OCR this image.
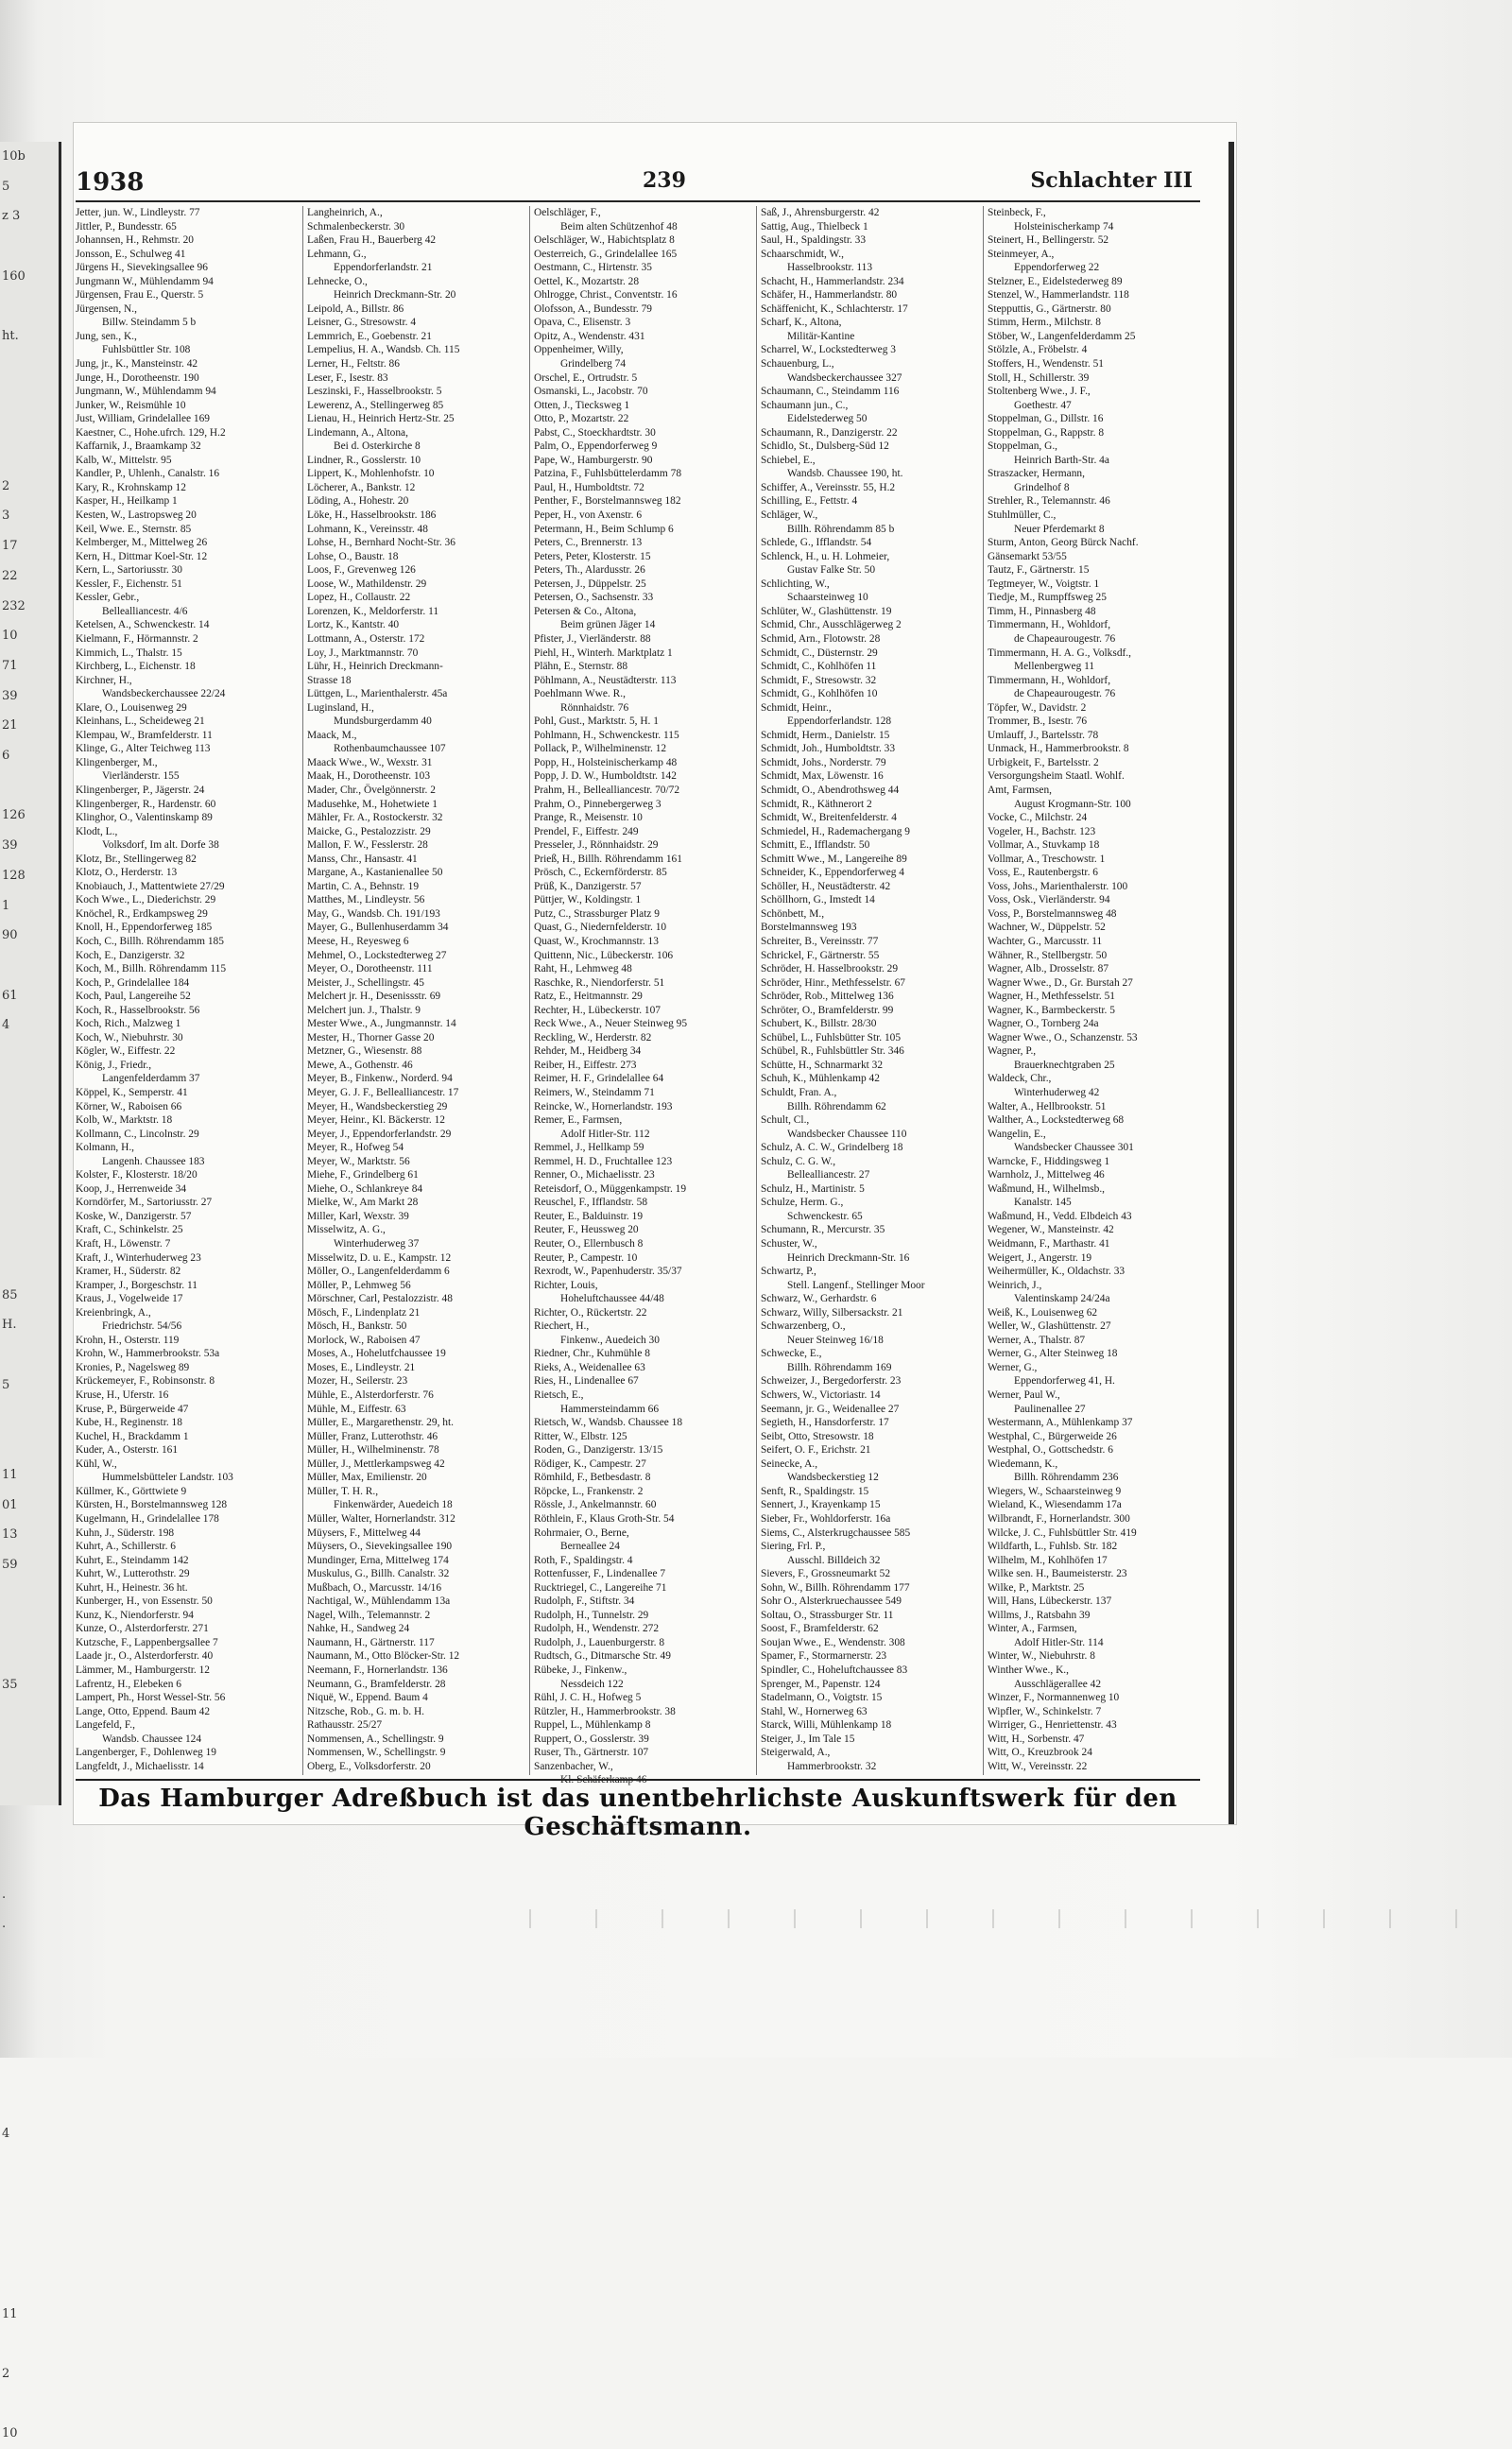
10b
5
z 3

160

ht.

2
3
17
22
232
10
71
39
21
6

126
39
128
1
90

61
4

85
H.

5

11
01
13
59

35

.
.

4

11

2

10
1938	239	Schlachter III
Jetter, jun. W., Lindleystr. 77
Jittler, P., Bundesstr. 65
Johannsen, H., Rehmstr. 20
Jonsson, E., Schulweg 41
Jürgens H., Sievekingsallee 96
Jungmann W., Mühlendamm 94
Jürgensen, Frau E., Querstr. 5
Jürgensen, N.,
Billw. Steindamm 5 b
Jung, sen., K.,
Fuhlsbüttler Str. 108
Jung, jr., K., Mansteinstr. 42
Junge, H., Dorotheenstr. 190
Jungmann, W., Mühlendamm 94
Junker, W., Reismühle 10
Just, William, Grindelallee 169
Kaestner, C., Hohe.ufrch. 129, H.2
Kaffarnik, J., Braamkamp 32
Kalb, W., Mittelstr. 95
Kandler, P., Uhlenh., Canalstr. 16
Kary, R., Krohnskamp 12
Kasper, H., Heilkamp 1
Kesten, W., Lastropsweg 20
Keil, Wwe. E., Sternstr. 85
Kelmberger, M., Mittelweg 26
Kern, H., Dittmar Koel-Str. 12
Kern, L., Sartoriusstr. 30
Kessler, F., Eichenstr. 51
Kessler, Gebr.,
Bellealliancestr. 4/6
Ketelsen, A., Schwenckestr. 14
Kielmann, F., Hörmannstr. 2
Kimmich, L., Thalstr. 15
Kirchberg, L., Eichenstr. 18
Kirchner, H.,
Wandsbeckerchaussee 22/24
Klare, O., Louisenweg 29
Kleinhans, L., Scheideweg 21
Klempau, W., Bramfelderstr. 11
Klinge, G., Alter Teichweg 113
Klingenberger, M.,
Vierländerstr. 155
Klingenberger, P., Jägerstr. 24
Klingenberger, R., Hardenstr. 60
Klinghor, O., Valentinskamp 89
Klodt, L.,
Volksdorf, Im alt. Dorfe 38
Klotz, Br., Stellingerweg 82
Klotz, O., Herderstr. 13
Knobiauch, J., Mattentwiete 27/29
Koch Wwe., L., Diederichstr. 29
Knöchel, R., Erdkampsweg 29
Knoll, H., Eppendorferweg 185
Koch, C., Billh. Röhrendamm 185
Koch, E., Danzigerstr. 32
Koch, M., Billh. Röhrendamm 115
Koch, P., Grindelallee 184
Koch, Paul, Langereihe 52
Koch, R., Hasselbrookstr. 56
Koch, Rich., Malzweg 1
Koch, W., Niebuhrstr. 30
Kögler, W., Eiffestr. 22
König, J., Friedr.,
Langenfelderdamm 37
Köppel, K., Semperstr. 41
Körner, W., Raboisen 66
Kolb, W., Marktstr. 18
Kollmann, C., Lincolnstr. 29
Kolmann, H.,
Langenh. Chaussee 183
Kolster, F., Klosterstr. 18/20
Koop, J., Herrenweide 34
Korndörfer, M., Sartoriusstr. 27
Koske, W., Danzigerstr. 57
Kraft, C., Schinkelstr. 25
Kraft, H., Löwenstr. 7
Kraft, J., Winterhuderweg 23
Kramer, H., Süderstr. 82
Kramper, J., Borgeschstr. 11
Kraus, J., Vogelweide 17
Kreienbringk, A.,
Friedrichstr. 54/56
Krohn, H., Osterstr. 119
Krohn, W., Hammerbrookstr. 53a
Kronies, P., Nagelsweg 89
Krückemeyer, F., Robinsonstr. 8
Kruse, H., Uferstr. 16
Kruse, P., Bürgerweide 47
Kube, H., Reginenstr. 18
Kuchel, H., Brackdamm 1
Kuder, A., Osterstr. 161
Kühl, W.,
Hummelsbütteler Landstr. 103
Küllmer, K., Görttwiete 9
Kürsten, H., Borstelmannsweg 128
Kugelmann, H., Grindelallee 178
Kuhn, J., Süderstr. 198
Kuhrt, A., Schillerstr. 6
Kuhrt, E., Steindamm 142
Kuhrt, W., Lutterothstr. 29
Kuhrt, H., Heinestr. 36 ht.
Kunberger, H., von Essenstr. 50
Kunz, K., Niendorferstr. 94
Kunze, O., Alsterdorferstr. 271
Kutzsche, F., Lappenbergsallee 7
Laade jr., O., Alsterdorferstr. 40
Lämmer, M., Hamburgerstr. 12
Lafrentz, H., Elebeken 6
Lampert, Ph., Horst Wessel-Str. 56
Lange, Otto, Eppend. Baum 42
Langefeld, F.,
Wandsb. Chaussee 124
Langenberger, F., Dohlenweg 19
Langfeldt, J., Michaelisstr. 14
Langheinrich, A.,
Schmalenbeckerstr. 30
Laßen, Frau H., Bauerberg 42
Lehmann, G.,
Eppendorferlandstr. 21
Lehnecke, O.,
Heinrich Dreckmann-Str. 20
Leipold, A., Billstr. 86
Leisner, G., Stresowstr. 4
Lemmrich, E., Goebenstr. 21
Lempelius, H. A., Wandsb. Ch. 115
Lerner, H., Feltstr. 86
Leser, F., Isestr. 83
Leszinski, F., Hasselbrookstr. 5
Lewerenz, A., Stellingerweg 85
Lienau, H., Heinrich Hertz-Str. 25
Lindemann, A., Altona,
Bei d. Osterkirche 8
Lindner, R., Gosslerstr. 10
Lippert, K., Mohlenhofstr. 10
Löcherer, A., Bankstr. 12
Löding, A., Hohestr. 20
Löke, H., Hasselbrookstr. 186
Lohmann, K., Vereinsstr. 48
Lohse, H., Bernhard Nocht-Str. 36
Lohse, O., Baustr. 18
Loos, F., Grevenweg 126
Loose, W., Mathildenstr. 29
Lopez, H., Collaustr. 22
Lorenzen, K., Meldorferstr. 11
Lortz, K., Kantstr. 40
Lottmann, A., Osterstr. 172
Loy, J., Marktmannstr. 70
Lühr, H., Heinrich Dreckmann-
Strasse 18
Lüttgen, L., Marienthalerstr. 45a
Luginsland, H.,
Mundsburgerdamm 40
Maack, M.,
Rothenbaumchaussee 107
Maack Wwe., W., Wexstr. 31
Maak, H., Dorotheenstr. 103
Mader, Chr., Övelgönnerstr. 2
Madusehke, M., Hohetwiete 1
Mähler, Fr. A., Rostockerstr. 32
Maicke, G., Pestalozzistr. 29
Mallon, F. W., Fesslerstr. 28
Manss, Chr., Hansastr. 41
Margane, A., Kastanienallee 50
Martin, C. A., Behnstr. 19
Matthes, M., Lindleystr. 56
May, G., Wandsb. Ch. 191/193
Mayer, G., Bullenhuserdamm 34
Meese, H., Reyesweg 6
Mehmel, O., Lockstedterweg 27
Meyer, O., Dorotheenstr. 111
Meister, J., Schellingstr. 45
Melchert jr. H., Desenissstr. 69
Melchert jun. J., Thalstr. 9
Mester Wwe., A., Jungmannstr. 14
Mester, H., Thorner Gasse 20
Metzner, G., Wiesenstr. 88
Mewe, A., Gothenstr. 46
Meyer, B., Finkenw., Norderd. 94
Meyer, G. J. F., Bellealliancestr. 17
Meyer, H., Wandsbeckerstieg 29
Meyer, Heinr., Kl. Bäckerstr. 12
Meyer, J., Eppendorferlandstr. 29
Meyer, R., Hofweg 54
Meyer, W., Marktstr. 56
Miehe, F., Grindelberg 61
Miehe, O., Schlankreye 84
Mielke, W., Am Markt 28
Miller, Karl, Wexstr. 39
Misselwitz, A. G.,
Winterhuderweg 37
Misselwitz, D. u. E., Kampstr. 12
Möller, O., Langenfelderdamm 6
Möller, P., Lehmweg 56
Mörschner, Carl, Pestalozzistr. 48
Mösch, F., Lindenplatz 21
Mösch, H., Bankstr. 50
Morlock, W., Raboisen 47
Moses, A., Hohelutfchaussee 19
Moses, E., Lindleystr. 21
Mozer, H., Seilerstr. 23
Mühle, E., Alsterdorferstr. 76
Mühle, M., Eiffestr. 63
Müller, E., Margarethenstr. 29, ht.
Müller, Franz, Lutterothstr. 46
Müller, H., Wilhelminenstr. 78
Müller, J., Mettlerkampsweg 42
Müller, Max, Emilienstr. 20
Müller, T. H. R.,
Finkenwärder, Auedeich 18
Müller, Walter, Hornerlandstr. 312
Müysers, F., Mittelweg 44
Müysers, O., Sievekingsallee 190
Mundinger, Erna, Mittelweg 174
Muskulus, G., Billh. Canalstr. 32
Mußbach, O., Marcusstr. 14/16
Nachtigal, W., Mühlendamm 13a
Nagel, Wilh., Telemannstr. 2
Nahke, H., Sandweg 24
Naumann, H., Gärtnerstr. 117
Naumann, M., Otto Blöcker-Str. 12
Neemann, F., Hornerlandstr. 136
Neumann, G., Bramfelderstr. 28
Niquë, W., Eppend. Baum 4
Nitzsche, Rob., G. m. b. H.
Rathausstr. 25/27
Nommensen, A., Schellingstr. 9
Nommensen, W., Schellingstr. 9
Oberg, E., Volksdorferstr. 20
Oelschläger, F.,
Beim alten Schützenhof 48
Oelschläger, W., Habichtsplatz 8
Oesterreich, G., Grindelallee 165
Oestmann, C., Hirtenstr. 35
Oettel, K., Mozartstr. 28
Ohlrogge, Christ., Conventstr. 16
Olofsson, A., Bundesstr. 79
Opava, C., Elisenstr. 3
Opitz, A., Wendenstr. 431
Oppenheimer, Willy,
Grindelberg 74
Orschel, E., Ortrudstr. 5
Osmanski, L., Jacobstr. 70
Otten, J., Tiecksweg 1
Otto, P., Mozartstr. 22
Pabst, C., Stoeckhardtstr. 30
Palm, O., Eppendorferweg 9
Pape, W., Hamburgerstr. 90
Patzina, F., Fuhlsbüttelerdamm 78
Paul, H., Humboldtstr. 72
Penther, F., Borstelmannsweg 182
Peper, H., von Axenstr. 6
Petermann, H., Beim Schlump 6
Peters, C., Brennerstr. 13
Peters, Peter, Klosterstr. 15
Peters, Th., Alardusstr. 26
Petersen, J., Düppelstr. 25
Petersen, O., Sachsenstr. 33
Petersen & Co., Altona,
Beim grünen Jäger 14
Pfister, J., Vierländerstr. 88
Piehl, H., Winterh. Marktplatz 1
Plähn, E., Sternstr. 88
Pöhlmann, A., Neustädterstr. 113
Poehlmann Wwe. R.,
Rönnhaidstr. 76
Pohl, Gust., Marktstr. 5, H. 1
Pohlmann, H., Schwenckestr. 115
Pollack, P., Wilhelminenstr. 12
Popp, H., Holsteinischerkamp 48
Popp, J. D. W., Humboldtstr. 142
Prahm, H., Bellealliancestr. 70/72
Prahm, O., Pinnebergerweg 3
Prange, R., Meisenstr. 10
Prendel, F., Eiffestr. 249
Presseler, J., Rönnhaidstr. 29
Prieß, H., Billh. Röhrendamm 161
Prösch, C., Eckernförderstr. 85
Prüß, K., Danzigerstr. 57
Püttjer, W., Koldingstr. 1
Putz, C., Strassburger Platz 9
Quast, G., Niedernfelderstr. 10
Quast, W., Krochmannstr. 13
Quittenn, Nic., Lübeckerstr. 106
Raht, H., Lehmweg 48
Raschke, R., Niendorferstr. 51
Ratz, E., Heitmannstr. 29
Rechter, H., Lübeckerstr. 107
Reck Wwe., A., Neuer Steinweg 95
Reckling, W., Herderstr. 82
Rehder, M., Heidberg 34
Reiber, H., Eiffestr. 273
Reimer, H. F., Grindelallee 64
Reimers, W., Steindamm 71
Reincke, W., Hornerlandstr. 193
Remer, E., Farmsen,
Adolf Hitler-Str. 112
Remmel, J., Hellkamp 59
Remmel, H. D., Fruchtallee 123
Renner, O., Michaelisstr. 23
Reteisdorf, O., Müggenkampstr. 19
Reuschel, F., Ifflandstr. 58
Reuter, E., Balduinstr. 19
Reuter, F., Heussweg 20
Reuter, O., Ellernbusch 8
Reuter, P., Campestr. 10
Rexrodt, W., Papenhuderstr. 35/37
Richter, Louis,
Hoheluftchaussee 44/48
Richter, O., Rückertstr. 22
Riechert, H.,
Finkenw., Auedeich 30
Riedner, Chr., Kuhmühle 8
Rieks, A., Weidenallee 63
Ries, H., Lindenallee 67
Rietsch, E.,
Hammersteindamm 66
Rietsch, W., Wandsb. Chaussee 18
Ritter, W., Elbstr. 125
Roden, G., Danzigerstr. 13/15
Rödiger, K., Campestr. 27
Römhild, F., Betbesdastr. 8
Röpcke, L., Frankenstr. 2
Rössle, J., Ankelmannstr. 60
Röthlein, F., Klaus Groth-Str. 54
Rohrmaier, O., Berne,
Berneallee 24
Roth, F., Spaldingstr. 4
Rottenfusser, F., Lindenallee 7
Rucktriegel, C., Langereihe 71
Rudolph, F., Stiftstr. 34
Rudolph, H., Tunnelstr. 29
Rudolph, H., Wendenstr. 272
Rudolph, J., Lauenburgerstr. 8
Rudtsch, G., Ditmarsche Str. 49
Rübeke, J., Finkenw.,
Nessdeich 122
Rühl, J. C. H., Hofweg 5
Rützler, H., Hammerbrookstr. 38
Ruppel, L., Mühlenkamp 8
Ruppert, O., Gosslerstr. 39
Ruser, Th., Gärtnerstr. 107
Sanzenbacher, W.,
Kl. Schäferkamp 46
Saß, J., Ahrensburgerstr. 42
Sattig, Aug., Thielbeck 1
Saul, H., Spaldingstr. 33
Schaarschmidt, W.,
Hasselbrookstr. 113
Schacht, H., Hammerlandstr. 234
Schäfer, H., Hammerlandstr. 80
Schäffenicht, K., Schlachterstr. 17
Scharf, K., Altona,
Militär-Kantine
Scharrel, W., Lockstedterweg 3
Schauenburg, L.,
Wandsbeckerchaussee 327
Schaumann, C., Steindamm 116
Schaumann jun., C.,
Eidelstederweg 50
Schaumann, R., Danzigerstr. 22
Schidlo, St., Dulsberg-Süd 12
Schiebel, E.,
Wandsb. Chaussee 190, ht.
Schiffer, A., Vereinsstr. 55, H.2
Schilling, E., Fettstr. 4
Schläger, W.,
Billh. Röhrendamm 85 b
Schlede, G., Ifflandstr. 54
Schlenck, H., u. H. Lohmeier,
Gustav Falke Str. 50
Schlichting, W.,
Schaarsteinweg 10
Schlüter, W., Glashüttenstr. 19
Schmid, Chr., Ausschlägerweg 2
Schmid, Arn., Flotowstr. 28
Schmidt, C., Düsternstr. 29
Schmidt, C., Kohlhöfen 11
Schmidt, F., Stresowstr. 32
Schmidt, G., Kohlhöfen 10
Schmidt, Heinr.,
Eppendorferlandstr. 128
Schmidt, Herm., Danielstr. 15
Schmidt, Joh., Humboldtstr. 33
Schmidt, Johs., Norderstr. 79
Schmidt, Max, Löwenstr. 16
Schmidt, O., Abendrothsweg 44
Schmidt, R., Käthnerort 2
Schmidt, W., Breitenfelderstr. 4
Schmiedel, H., Rademachergang 9
Schmitt, E., Ifflandstr. 50
Schmitt Wwe., M., Langereihe 89
Schneider, K., Eppendorferweg 4
Schöller, H., Neustädterstr. 42
Schöllhorn, G., Imstedt 14
Schönbett, M.,
Borstelmannsweg 193
Schreiter, B., Vereinsstr. 77
Schrickel, F., Gärtnerstr. 55
Schröder, H. Hasselbrookstr. 29
Schröder, Hinr., Methfesselstr. 67
Schröder, Rob., Mittelweg 136
Schröter, O., Bramfelderstr. 99
Schubert, K., Billstr. 28/30
Schübel, L., Fuhlsbütter Str. 105
Schübel, R., Fuhlsbüttler Str. 346
Schütte, H., Schnarmarkt 32
Schuh, K., Mühlenkamp 42
Schuldt, Fran. A.,
Billh. Röhrendamm 62
Schult, Cl.,
Wandsbecker Chaussee 110
Schulz, A. C. W., Grindelberg 18
Schulz, C. G. W.,
Bellealliancestr. 27
Schulz, H., Martinistr. 5
Schulze, Herm. G.,
Schwenckestr. 65
Schumann, R., Mercurstr. 35
Schuster, W.,
Heinrich Dreckmann-Str. 16
Schwartz, P.,
Stell. Langenf., Stellinger Moor
Schwarz, W., Gerhardstr. 6
Schwarz, Willy, Silbersackstr. 21
Schwarzenberg, O.,
Neuer Steinweg 16/18
Schwecke, E.,
Billh. Röhrendamm 169
Schweizer, J., Bergedorferstr. 23
Schwers, W., Victoriastr. 14
Seemann, jr. G., Weidenallee 27
Segieth, H., Hansdorferstr. 17
Seibt, Otto, Stresowstr. 18
Seifert, O. F., Erichstr. 21
Seinecke, A.,
Wandsbeckerstieg 12
Senft, R., Spaldingstr. 15
Sennert, J., Krayenkamp 15
Sieber, Fr., Wohldorferstr. 16a
Siems, C., Alsterkrugchaussee 585
Siering, Frl. P.,
Ausschl. Billdeich 32
Sievers, F., Grossneumarkt 52
Sohn, W., Billh. Röhrendamm 177
Sohr O., Alsterkruechaussee 549
Soltau, O., Strassburger Str. 11
Soost, F., Bramfelderstr. 62
Soujan Wwe., E., Wendenstr. 308
Spamer, F., Stormarnerstr. 23
Spindler, C., Hoheluftchaussee 83
Sprenger, M., Papenstr. 124
Stadelmann, O., Voigtstr. 15
Stahl, W., Hornerweg 63
Starck, Willi, Mühlenkamp 18
Steiger, J., Im Tale 15
Steigerwald, A.,
Hammerbrookstr. 32
Steinbeck, F.,
Holsteinischerkamp 74
Steinert, H., Bellingerstr. 52
Steinmeyer, A.,
Eppendorferweg 22
Stelzner, E., Eidelstederweg 89
Stenzel, W., Hammerlandstr. 118
Stepputtis, G., Gärtnerstr. 80
Stimm, Herm., Milchstr. 8
Stöber, W., Langenfelderdamm 25
Stölzle, A., Fröbelstr. 4
Stoffers, H., Wendenstr. 51
Stoll, H., Schillerstr. 39
Stoltenberg Wwe., J. F.,
Goethestr. 47
Stoppelman, G., Dillstr. 16
Stoppelman, G., Rappstr. 8
Stoppelman, G.,
Heinrich Barth-Str. 4a
Straszacker, Hermann,
Grindelhof 8
Strehler, R., Telemannstr. 46
Stuhlmüller, C.,
Neuer Pferdemarkt 8
Sturm, Anton, Georg Bürck Nachf.
Gänsemarkt 53/55
Tautz, F., Gärtnerstr. 15
Tegtmeyer, W., Voigtstr. 1
Tiedje, M., Rumpffsweg 25
Timm, H., Pinnasberg 48
Timmermann, H., Wohldorf,
de Chapeaurougestr. 76
Timmermann, H. A. G., Volksdf.,
Mellenbergweg 11
Timmermann, H., Wohldorf,
de Chapeaurougestr. 76
Töpfer, W., Davidstr. 2
Trommer, B., Isestr. 76
Umlauff, J., Bartelsstr. 78
Unmack, H., Hammerbrookstr. 8
Urbigkeit, F., Bartelsstr. 2
Versorgungsheim Staatl. Wohlf.
Amt, Farmsen,
August Krogmann-Str. 100
Vocke, C., Milchstr. 24
Vogeler, H., Bachstr. 123
Vollmar, A., Stuvkamp 18
Vollmar, A., Treschowstr. 1
Voss, E., Rautenbergstr. 6
Voss, Johs., Marienthalerstr. 100
Voss, Osk., Vierländerstr. 94
Voss, P., Borstelmannsweg 48
Wachner, W., Düppelstr. 52
Wachter, G., Marcusstr. 11
Wähner, R., Stellbergstr. 50
Wagner, Alb., Drosselstr. 87
Wagner Wwe., D., Gr. Burstah 27
Wagner, H., Methfesselstr. 51
Wagner, K., Barmbeckerstr. 5
Wagner, O., Tornberg 24a
Wagner Wwe., O., Schanzenstr. 53
Wagner, P.,
Brauerknechtgraben 25
Waldeck, Chr.,
Winterhuderweg 42
Walter, A., Hellbrookstr. 51
Walther, A., Lockstedterweg 68
Wangelin, E.,
Wandsbecker Chaussee 301
Warncke, F., Hiddingsweg 1
Warnholz, J., Mittelweg 46
Waßmund, H., Wilhelmsb.,
Kanalstr. 145
Waßmund, H., Vedd. Elbdeich 43
Wegener, W., Mansteinstr. 42
Weidmann, F., Marthastr. 41
Weigert, J., Angerstr. 19
Weihermüller, K., Oldachstr. 33
Weinrich, J.,
Valentinskamp 24/24a
Weiß, K., Louisenweg 62
Weller, W., Glashüttenstr. 27
Werner, A., Thalstr. 87
Werner, G., Alter Steinweg 18
Werner, G.,
Eppendorferweg 41, H.
Werner, Paul W.,
Paulinenallee 27
Westermann, A., Mühlenkamp 37
Westphal, C., Bürgerweide 26
Westphal, O., Gottschedstr. 6
Wiedemann, K.,
Billh. Röhrendamm 236
Wiegers, W., Schaarsteinweg 9
Wieland, K., Wiesendamm 17a
Wilbrandt, F., Hornerlandstr. 300
Wilcke, J. C., Fuhlsbüttler Str. 419
Wildfarth, L., Fuhlsb. Str. 182
Wilhelm, M., Kohlhöfen 17
Wilke sen. H., Baumeisterstr. 23
Wilke, P., Marktstr. 25
Will, Hans, Lübeckerstr. 137
Willms, J., Ratsbahn 39
Winter, A., Farmsen,
Adolf Hitler-Str. 114
Winter, W., Niebuhrstr. 8
Winther Wwe., K.,
Ausschlägerallee 42
Winzer, F., Normannenweg 10
Wipfler, W., Schinkelstr. 7
Wirriger, G., Henriettenstr. 43
Witt, H., Sorbenstr. 47
Witt, O., Kreuzbrook 24
Witt, W., Vereinsstr. 22
Das Hamburger Adreßbuch ist das unentbehrlichste Auskunftswerk für den Geschäftsmann.
